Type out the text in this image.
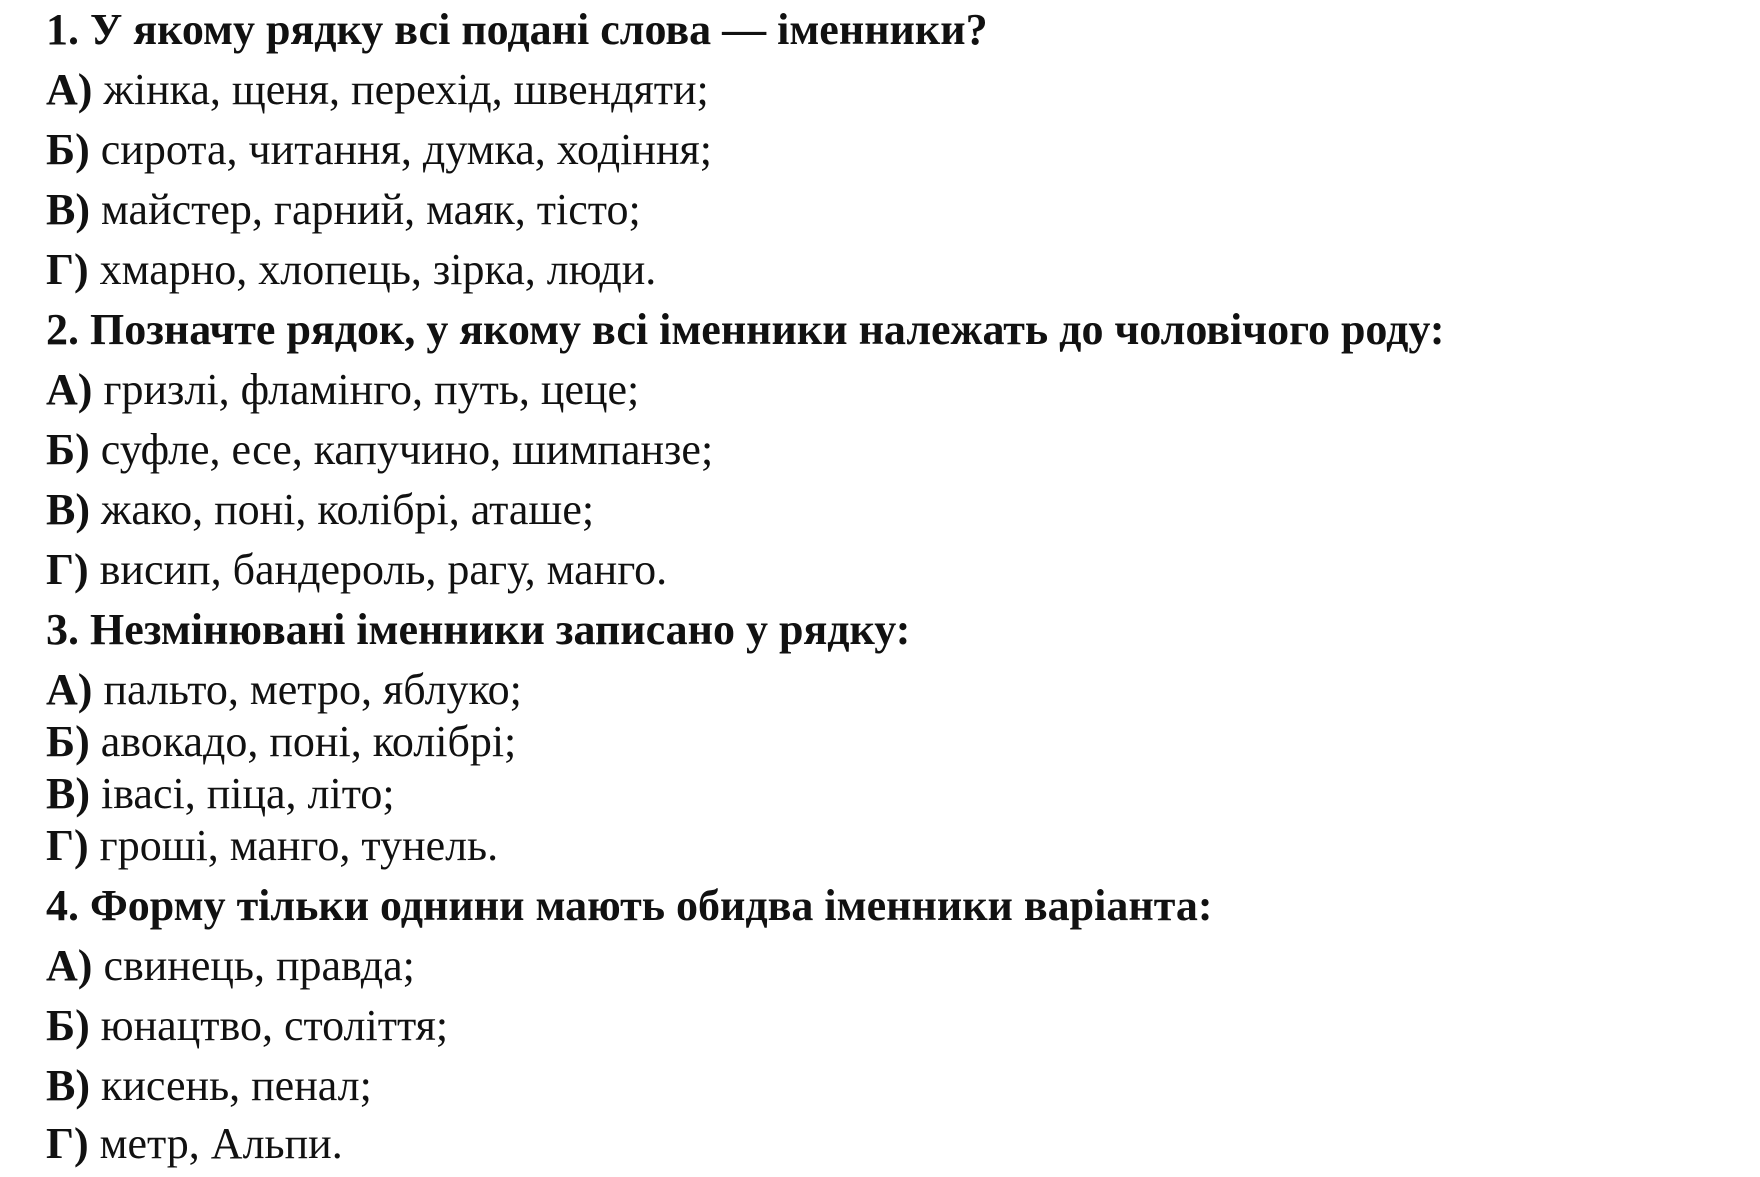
1. У якому рядку всі подані слова — іменники?
А) жінка, щеня, перехід, швендяти;
Б) сирота, читання, думка, ходіння;
В) майстер, гарний, маяк, тісто;
Г) хмарно, хлопець, зірка, люди.
2. Позначте рядок, у якому всі іменники належать до чоловічого роду:
А) гризлі, фламінго, путь, цеце;
Б) суфле, есе, капучино, шимпанзе;
В) жако, поні, колібрі, аташе;
Г) висип, бандероль, рагу, манго.
3. Незмінювані іменники записано у рядку:
А) пальто, метро, яблуко;
Б) авокадо, поні, колібрі;
В) івасі, піца, літо;
Г) гроші, манго, тунель.
4. Форму тільки однини мають обидва іменники варіанта:
А) свинець, правда;
Б) юнацтво, століття;
В) кисень, пенал;
Г) метр, Альпи.
